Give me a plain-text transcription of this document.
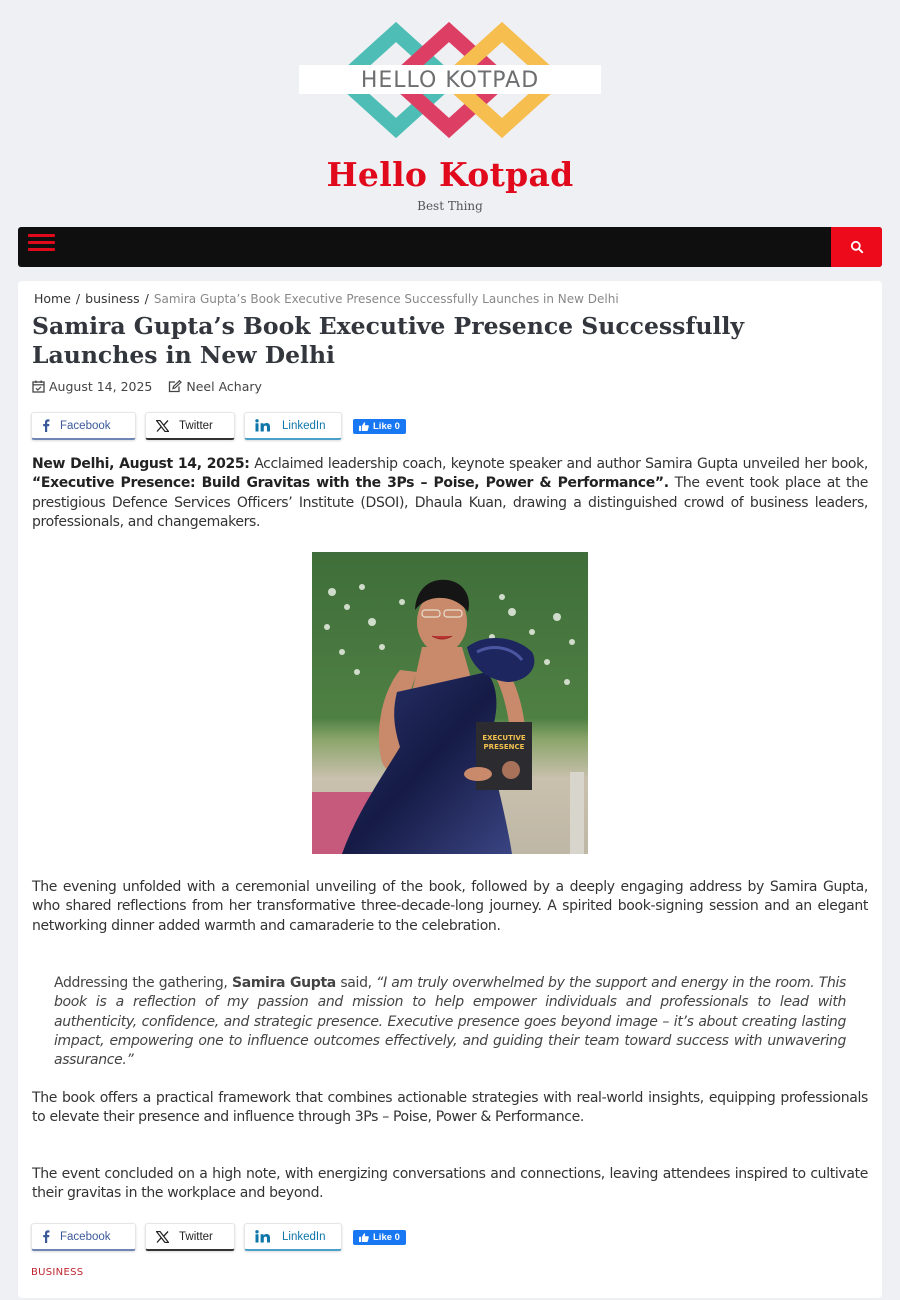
HELLO KOTPAD
Hello Kotpad
Best Thing
Home / business / Samira Gupta’s Book Executive Presence Successfully Launches in New Delhi
Samira Gupta’s Book Executive Presence Successfully Launches in New Delhi
August 14, 2025	Neel Achary
Facebook	Twitter	LinkedIn	Like 0

New Delhi, August 14, 2025: Acclaimed leadership coach, keynote speaker and author Samira Gupta unveiled her book, “Executive Presence: Build Gravitas with the 3Ps – Poise, Power & Performance”. The event took place at the prestigious Defence Services Officers’ Institute (DSOI), Dhaula Kuan, drawing a distinguished crowd of business leaders, professionals, and changemakers.

EXECUTIVE
PRESENCE

The evening unfolded with a ceremonial unveiling of the book, followed by a deeply engaging address by Samira Gupta, who shared reflections from her transformative three-decade-long journey. A spirited book-signing session and an elegant networking dinner added warmth and camaraderie to the celebration.

Addressing the gathering, Samira Gupta said, “I am truly overwhelmed by the support and energy in the room. This book is a reflection of my passion and mission to help empower individuals and professionals to lead with authenticity, confidence, and strategic presence. Executive presence goes beyond image – it’s about creating lasting impact, empowering one to influence outcomes effectively, and guiding their team toward success with unwavering assurance.”

The book offers a practical framework that combines actionable strategies with real-world insights, equipping professionals to elevate their presence and influence through 3Ps – Poise, Power & Performance.

The event concluded on a high note, with energizing conversations and connections, leaving attendees inspired to cultivate their gravitas in the workplace and beyond.

Facebook	Twitter	LinkedIn	Like 0
BUSINESS
